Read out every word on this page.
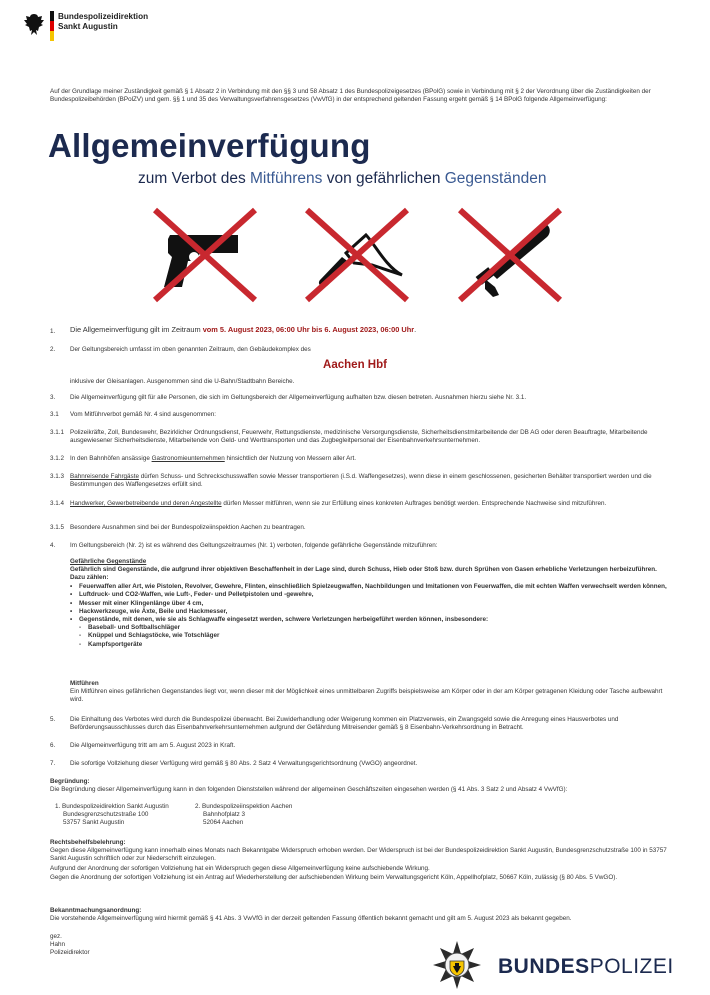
Bundespolizeidirektion
Sankt Augustin
Auf der Grundlage meiner Zuständigkeit gemäß § 1 Absatz 2 in Verbindung mit den §§ 3 und 58 Absatz 1 des Bundespolizeigesetzes (BPolG) sowie in Verbindung mit § 2 der Verordnung über die Zuständigkeiten der Bundespolizeibehörden (BPolZV) und gem. §§ 1 und 35 des Verwaltungsverfahrensgesetzes (VwVfG) in der entsprechend geltenden Fassung ergeht gemäß § 14 BPolG folgende Allgemeinverfügung:
Allgemeinverfügung
zum Verbot des Mitführens von gefährlichen Gegenständen
1. Die Allgemeinverfügung gilt im Zeitraum vom 5. August 2023, 06:00 Uhr bis 6. August 2023, 06:00 Uhr.
2. Der Geltungsbereich umfasst im oben genannten Zeitraum, den Gebäudekomplex des
Aachen Hbf
inklusive der Gleisanlagen. Ausgenommen sind die U-Bahn/Stadtbahn Bereiche.
3. Die Allgemeinverfügung gilt für alle Personen, die sich im Geltungsbereich der Allgemeinverfügung aufhalten bzw. diesen betreten. Ausnahmen hierzu siehe Nr. 3.1.
3.1 Vom Mitführverbot gemäß Nr. 4 sind ausgenommen:
3.1.1 Polizeikräfte, Zoll, Bundeswehr, Bezirklicher Ordnungsdienst, Feuerwehr, Rettungsdienste, medizinische Versorgungsdienste, Sicherheitsdienstmitarbeitende der DB AG oder deren Beauftragte, Mitarbeitende ausgewiesener Sicherheitsdienste, Mitarbeitende von Geld- und Werttransporten und das Zugbegleitpersonal der Eisenbahnverkehrsunternehmen.
3.1.2 In den Bahnhöfen ansässige Gastronomieunternehmen hinsichtlich der Nutzung von Messern aller Art.
3.1.3 Bahnreisende Fahrgäste dürfen Schuss- und Schreckschusswaffen sowie Messer transportieren (i.S.d. Waffengesetzes), wenn diese in einem geschlossenen, gesicherten Behälter transportiert werden und die Bestimmungen des Waffengesetzes erfüllt sind.
3.1.4 Handwerker, Gewerbetreibende und deren Angestellte dürfen Messer mitführen, wenn sie zur Erfüllung eines konkreten Auftrages benötigt werden. Entsprechende Nachweise sind mitzuführen.
3.1.5 Besondere Ausnahmen sind bei der Bundespolizeiinspektion Aachen zu beantragen.
4. Im Geltungsbereich (Nr. 2) ist es während des Geltungszeitraumes (Nr. 1) verboten, folgende gefährliche Gegenstände mitzuführen:
Gefährliche Gegenstände
Gefährlich sind Gegenstände, die aufgrund ihrer objektiven Beschaffenheit in der Lage sind, durch Schuss, Hieb oder Stoß bzw. durch Sprühen von Gasen erhebliche Verletzungen herbeizuführen. Dazu zählen:
• Feuerwaffen aller Art, wie Pistolen, Revolver, Gewehre, Flinten, einschließlich Spielzeugwaffen, Nachbildungen und Imitationen von Feuerwaffen, die mit echten Waffen verwechselt werden können,
• Luftdruck- und CO2-Waffen, wie Luft-, Feder- und Pelletpistolen und -gewehre,
• Messer mit einer Klingenlänge über 4 cm,
• Hackwerkzeuge, wie Äxte, Beile und Hackmesser,
• Gegenstände, mit denen, wie sie als Schlagwaffe eingesetzt werden, schwere Verletzungen herbeigeführt werden können, insbesondere:
- Baseball- und Softballschläger
- Knüppel und Schlagstöcke, wie Totschläger
- Kampfsportgeräte
Mitführen
Ein Mitführen eines gefährlichen Gegenstandes liegt vor, wenn dieser mit der Möglichkeit eines unmittelbaren Zugriffs beispielsweise am Körper oder in der am Körper getragenen Kleidung oder Tasche aufbewahrt wird.
5. Die Einhaltung des Verbotes wird durch die Bundespolizei überwacht. Bei Zuwiderhandlung oder Weigerung kommen ein Platzverweis, ein Zwangsgeld sowie die Anregung eines Hausverbotes und Beförderungsausschlusses durch das Eisenbahnverkehrsunternehmen aufgrund der Gefährdung Mitreisender gemäß § 8 Eisenbahn-Verkehrsordnung in Betracht.
6. Die Allgemeinverfügung tritt am am 5. August 2023 in Kraft.
7. Die sofortige Vollziehung dieser Verfügung wird gemäß § 80 Abs. 2 Satz 4 Verwaltungsgerichtsordnung (VwGO) angeordnet.
Begründung:
Die Begründung dieser Allgemeinverfügung kann in den folgenden Dienststellen während der allgemeinen Geschäftszeiten eingesehen werden (§ 41 Abs. 3 Satz 2 und Absatz 4 VwVfG):
1. Bundespolizeidirektion Sankt Augustin
Bundesgrenzschutzstraße 100
53757 Sankt Augustin
2. Bundespolizeiinspektion Aachen
Bahnhofplatz 3
52064 Aachen
Rechtsbehelfsbelehrung:
Gegen diese Allgemeinverfügung kann innerhalb eines Monats nach Bekanntgabe Widerspruch erhoben werden. Der Widerspruch ist bei der Bundespolizeidirektion Sankt Augustin, Bundesgrenzschutzstraße 100 in 53757 Sankt Augustin schriftlich oder zur Niederschrift einzulegen.
Aufgrund der Anordnung der sofortigen Vollziehung hat ein Widerspruch gegen diese Allgemeinverfügung keine aufschiebende Wirkung.
Gegen die Anordnung der sofortigen Vollziehung ist ein Antrag auf Wiederherstellung der aufschiebenden Wirkung beim Verwaltungsgericht Köln, Appellhofplatz, 50667 Köln, zulässig (§ 80 Abs. 5 VwGO).
Bekanntmachungsanordnung:
Die vorstehende Allgemeinverfügung wird hiermit gemäß § 41 Abs. 3 VwVfG in der derzeit geltenden Fassung öffentlich bekannt gemacht und gilt am 5. August 2023 als bekannt gegeben.
gez.
Hahn
Polizeidirektor
BUNDESPOLIZEI
